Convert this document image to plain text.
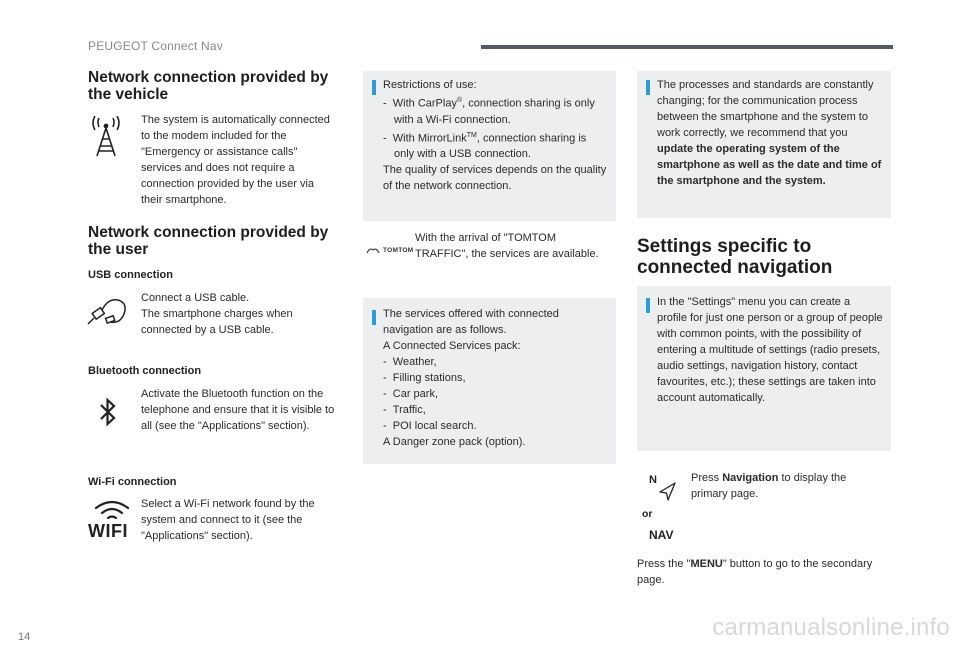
PEUGEOT Connect Nav
Network connection provided by the vehicle
The system is automatically connected to the modem included for the "Emergency or assistance calls" services and does not require a connection provided by the user via their smartphone.
Network connection provided by the user
USB connection

Connect a USB cable.

The smartphone charges when connected by a USB cable.

Bluetooth connection
Activate the Bluetooth function on the telephone and ensure that it is visible to all (see the "Applications" section).
Wi-Fi connection
WIFI
Select a Wi-Fi network found by the system and connect to it (see the "Applications" section).

Restrictions of use:

-  With CarPlay®, connection sharing is only with a Wi-Fi connection.

-  With MirrorLink™, connection sharing is only with a USB connection.

The quality of services depends on the quality of the network connection.

TOMTOM
With the arrival of "TOMTOM TRAFFIC", the services are available.

The services offered with connected navigation are as follows.

A Connected Services pack:

-  Weather,

-  Filling stations,

-  Car park,

-  Traffic,

-  POI local search.

A Danger zone pack (option).

The processes and standards are constantly changing; for the communication process between the smartphone and the system to work correctly, we recommend that you update the operating system of the smartphone as well as the date and time of the smartphone and the system.

Settings specific to connected navigation
In the "Settings" menu you can create a profile for just one person or a group of people with common points, with the possibility of entering a multitude of settings (radio presets, audio settings, navigation history, contact favourites, etc.); these settings are taken into account automatically.
N
or
NAV

Press Navigation to display the primary page.

Press the "MENU" button to go to the secondary page.

14	carmanualsonline.info
